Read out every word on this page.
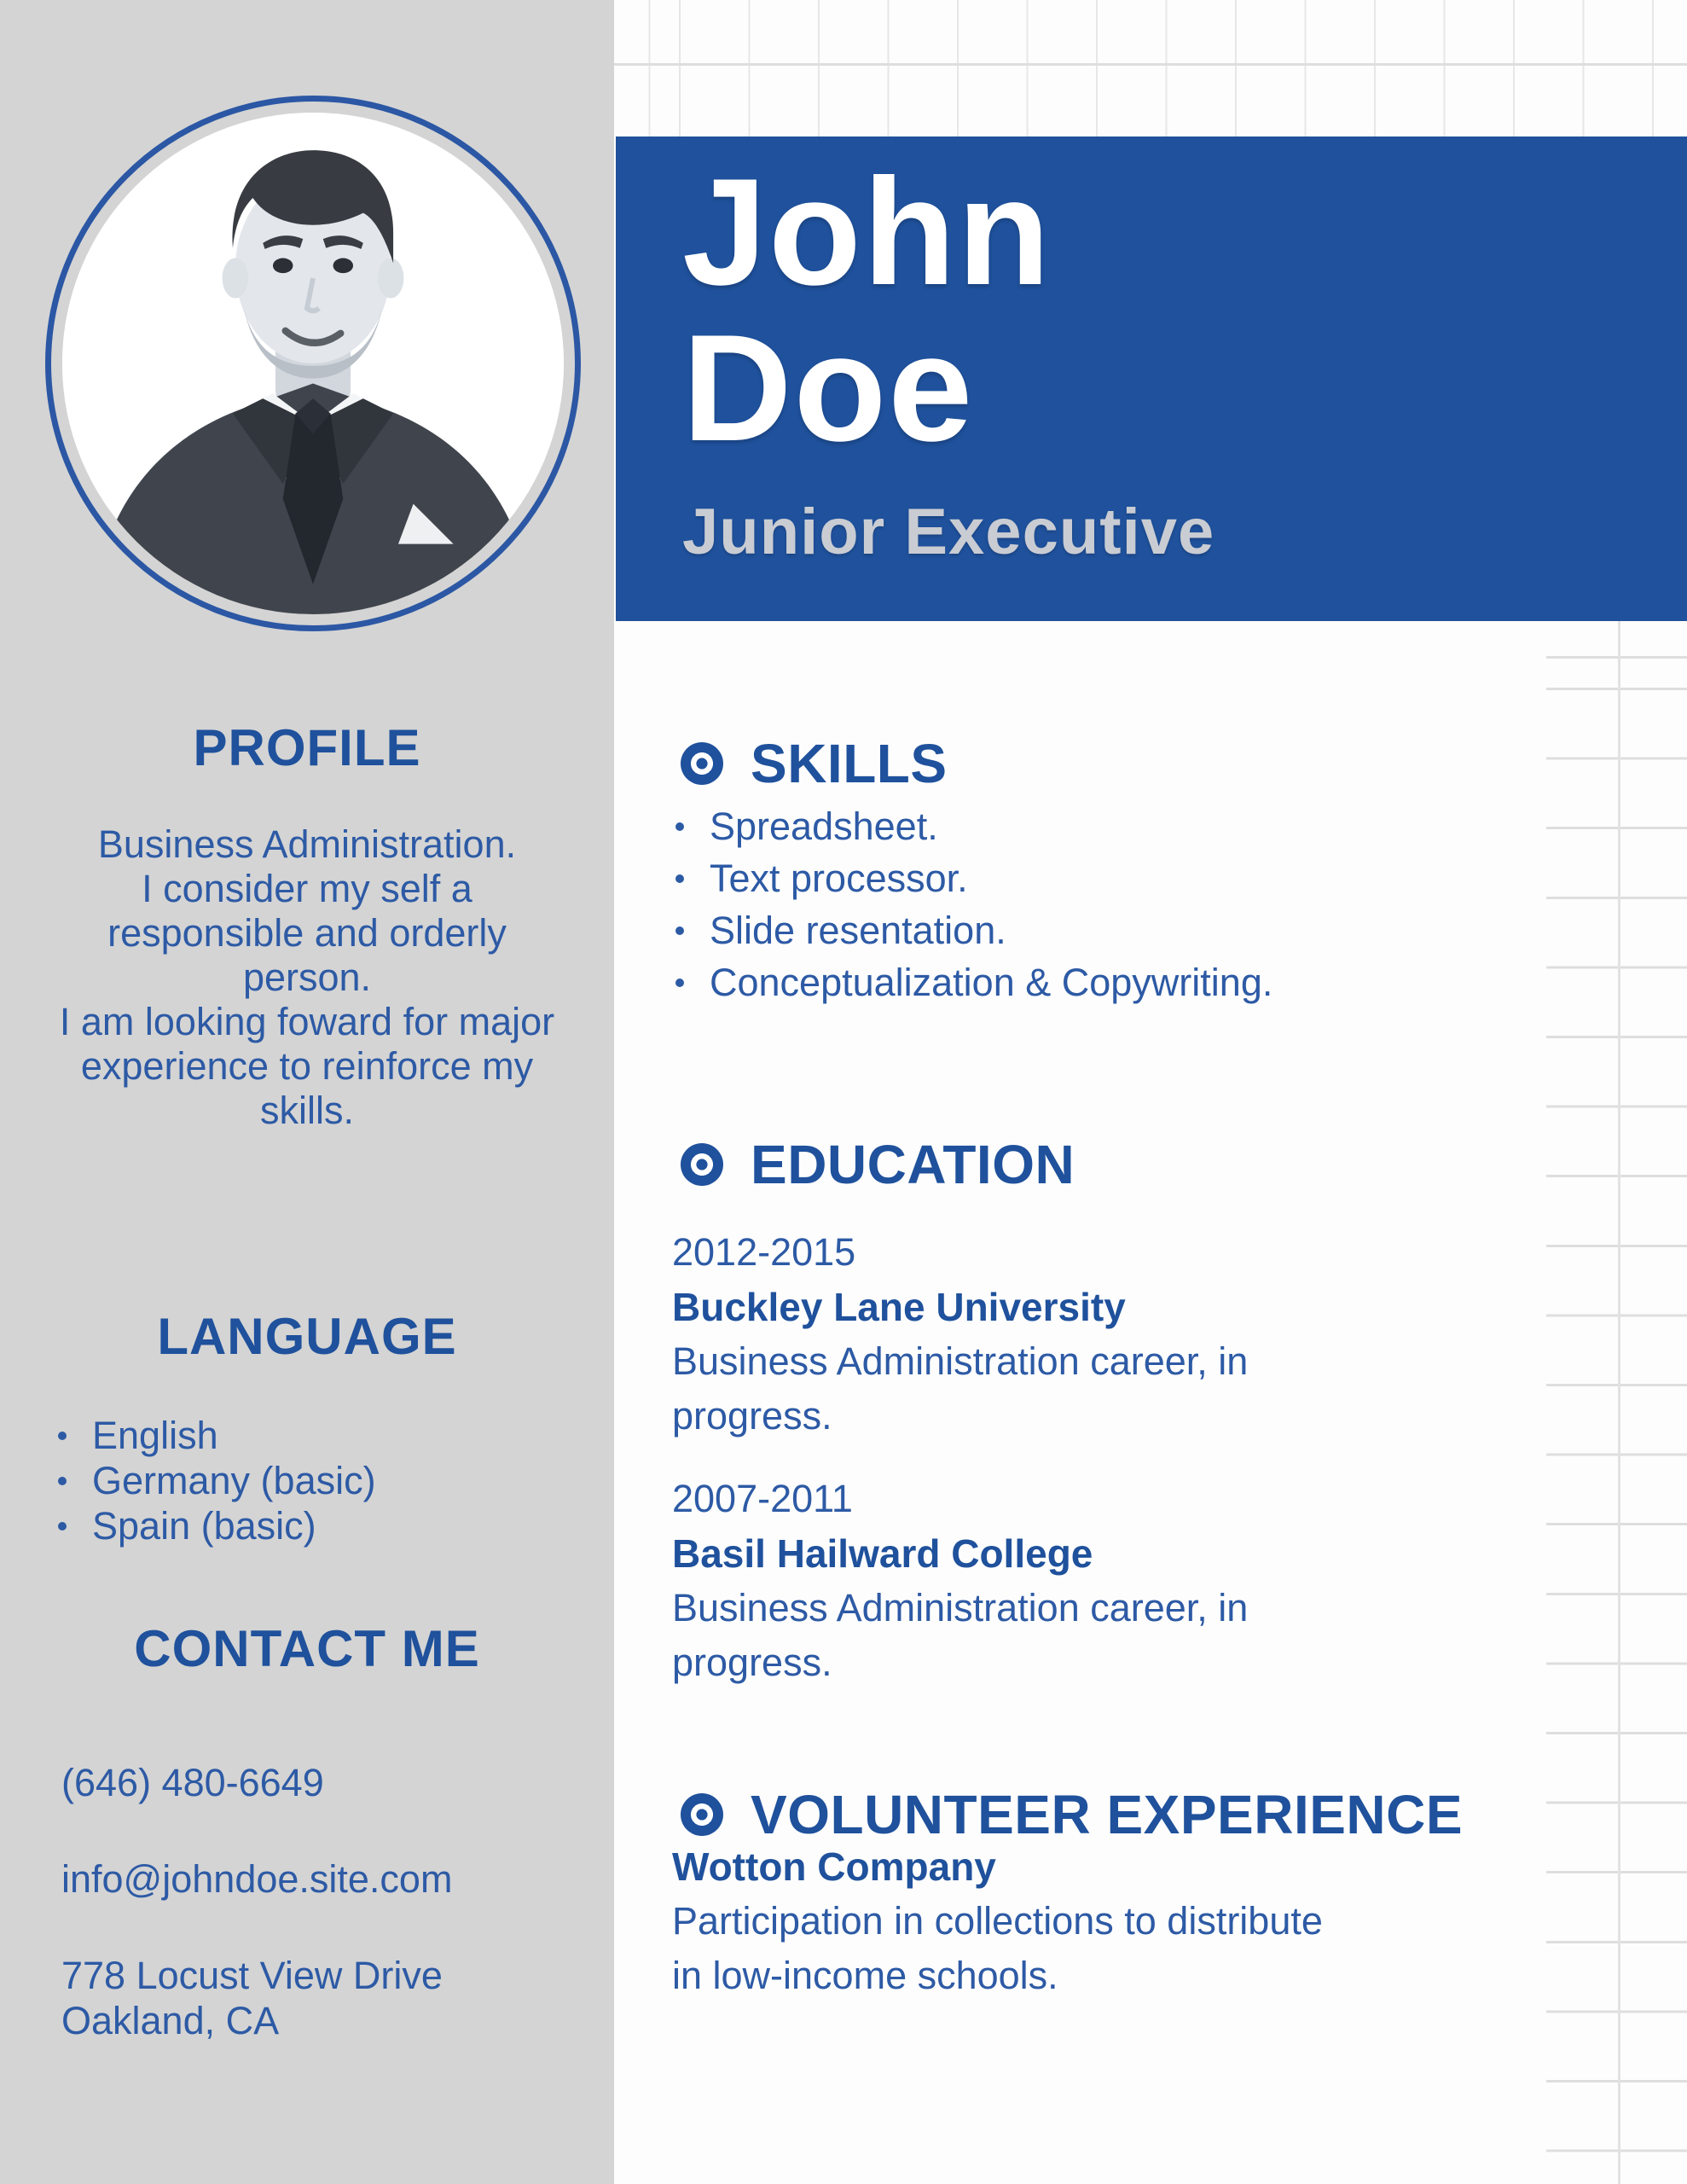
PROFILE
Business Administration.
I consider my self a responsible and orderly person.
I am looking foward for major experience to reinforce my skills.
LANGUAGE
English
Germany (basic)
Spain (basic)
CONTACT ME
(646) 480-6649
info@johndoe.site.com
778 Locust View Drive
Oakland, CA
John
Doe
Junior Executive
SKILLS
Spreadsheet.
Text processor.
Slide resentation.
Conceptualization & Copywriting.
EDUCATION
2012-2015
Buckley Lane University
Business Administration career, in progress.
2007-2011
Basil Hailward College
Business Administration career, in progress.
VOLUNTEER EXPERIENCE
Wotton Company
Participation in collections to distribute in low-income schools.
